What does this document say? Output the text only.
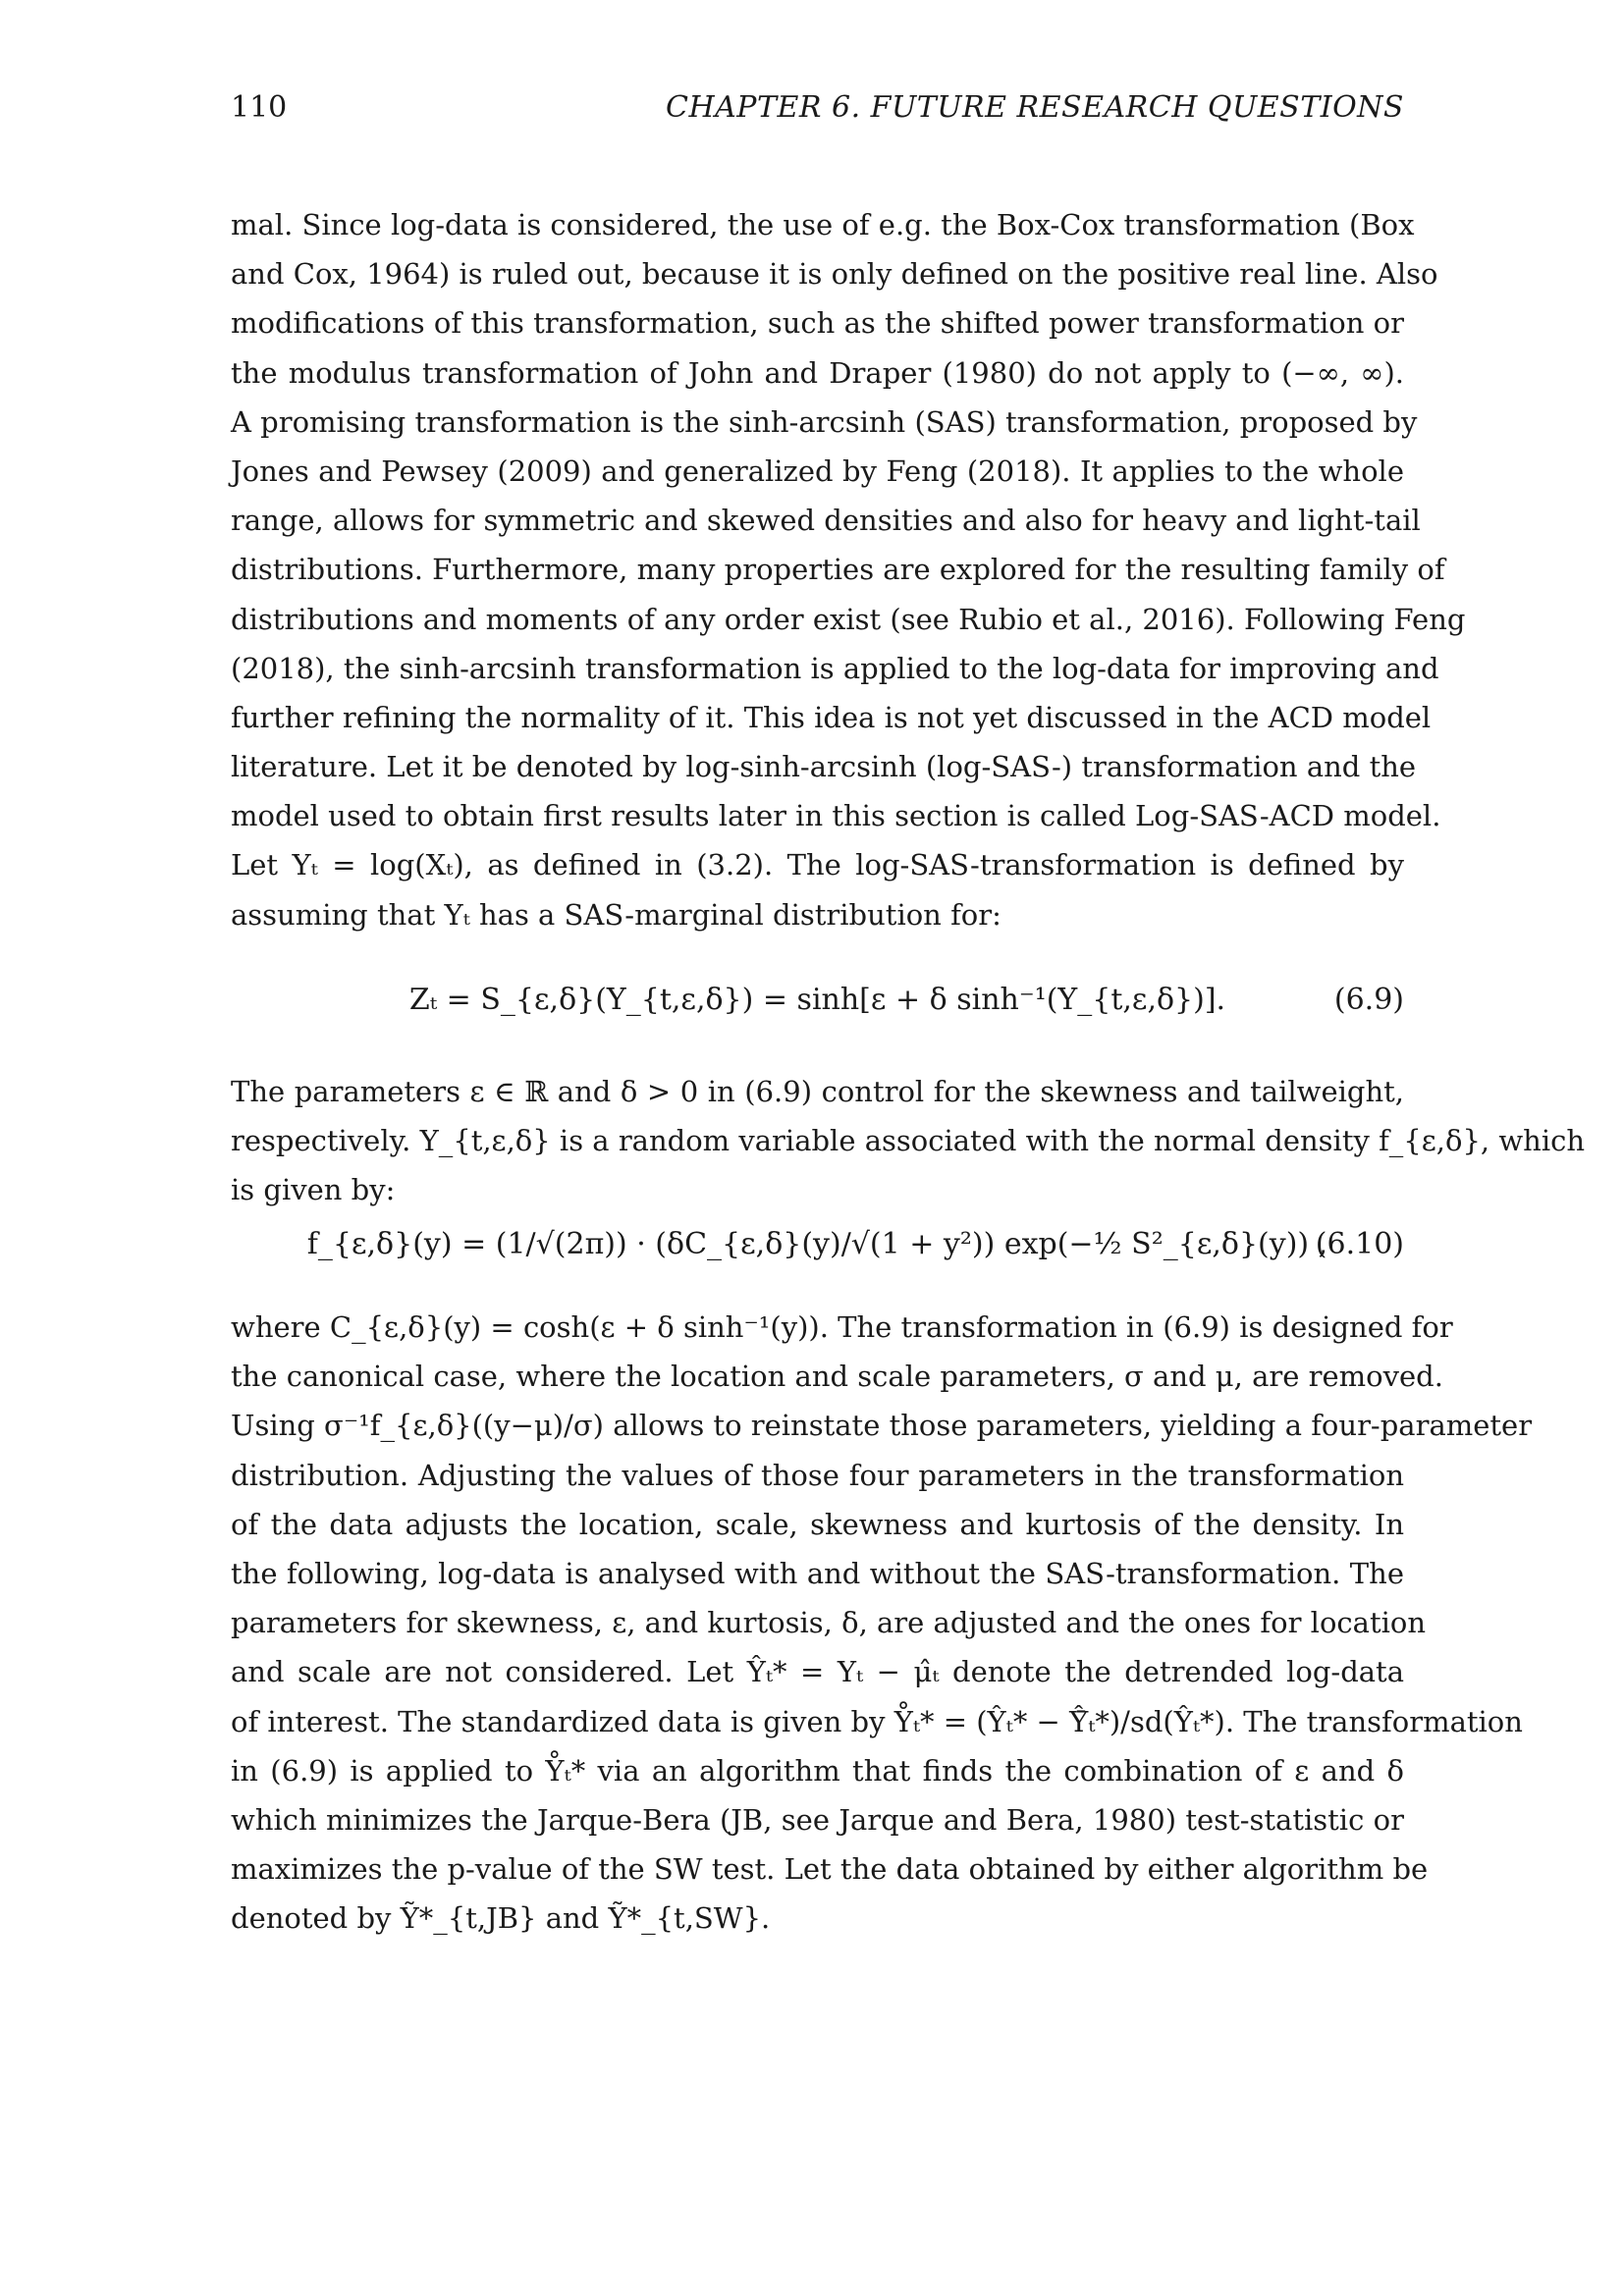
110	CHAPTER 6. FUTURE RESEARCH QUESTIONS
mal. Since log-data is considered, the use of e.g. the Box-Cox transformation (Box
and Cox, 1964) is ruled out, because it is only defined on the positive real line. Also
modifications of this transformation, such as the shifted power transformation or
the modulus transformation of John and Draper (1980) do not apply to (−∞, ∞).
A promising transformation is the sinh-arcsinh (SAS) transformation, proposed by
Jones and Pewsey (2009) and generalized by Feng (2018). It applies to the whole
range, allows for symmetric and skewed densities and also for heavy and light-tail
distributions. Furthermore, many properties are explored for the resulting family of
distributions and moments of any order exist (see Rubio et al., 2016). Following Feng
(2018), the sinh-arcsinh transformation is applied to the log-data for improving and
further refining the normality of it. This idea is not yet discussed in the ACD model
literature. Let it be denoted by log-sinh-arcsinh (log-SAS-) transformation and the
model used to obtain first results later in this section is called Log-SAS-ACD model.
Let Yₜ = log(Xₜ), as defined in (3.2). The log-SAS-transformation is defined by
assuming that Yₜ has a SAS-marginal distribution for:
Zₜ = S_{ε,δ}(Y_{t,ε,δ}) = sinh[ε + δ sinh⁻¹(Y_{t,ε,δ})].	(6.9)
The parameters ε ∈ ℝ and δ > 0 in (6.9) control for the skewness and tailweight,
respectively. Y_{t,ε,δ} is a random variable associated with the normal density f_{ε,δ}, which
is given by:
f_{ε,δ}(y) = (1/√(2π)) · (δC_{ε,δ}(y)/√(1 + y²)) exp(−½ S²_{ε,δ}(y)) ,
(6.10)
where C_{ε,δ}(y) = cosh(ε + δ sinh⁻¹(y)). The transformation in (6.9) is designed for
the canonical case, where the location and scale parameters, σ and μ, are removed.
Using σ⁻¹f_{ε,δ}((y−μ)/σ) allows to reinstate those parameters, yielding a four-parameter
distribution. Adjusting the values of those four parameters in the transformation
of the data adjusts the location, scale, skewness and kurtosis of the density. In
the following, log-data is analysed with and without the SAS-transformation. The
parameters for skewness, ε, and kurtosis, δ, are adjusted and the ones for location
and scale are not considered. Let Ŷₜ* = Yₜ − μ̂ₜ denote the detrended log-data
of interest. The standardized data is given by Y̊ₜ* = (Ŷₜ* − Ŷ̄ₜ*)/sd(Ŷₜ*). The transformation
in (6.9) is applied to Y̊ₜ* via an algorithm that finds the combination of ε and δ
which minimizes the Jarque-Bera (JB, see Jarque and Bera, 1980) test-statistic or
maximizes the p-value of the SW test. Let the data obtained by either algorithm be
denoted by Ỹ*_{t,JB} and Ỹ*_{t,SW}.
